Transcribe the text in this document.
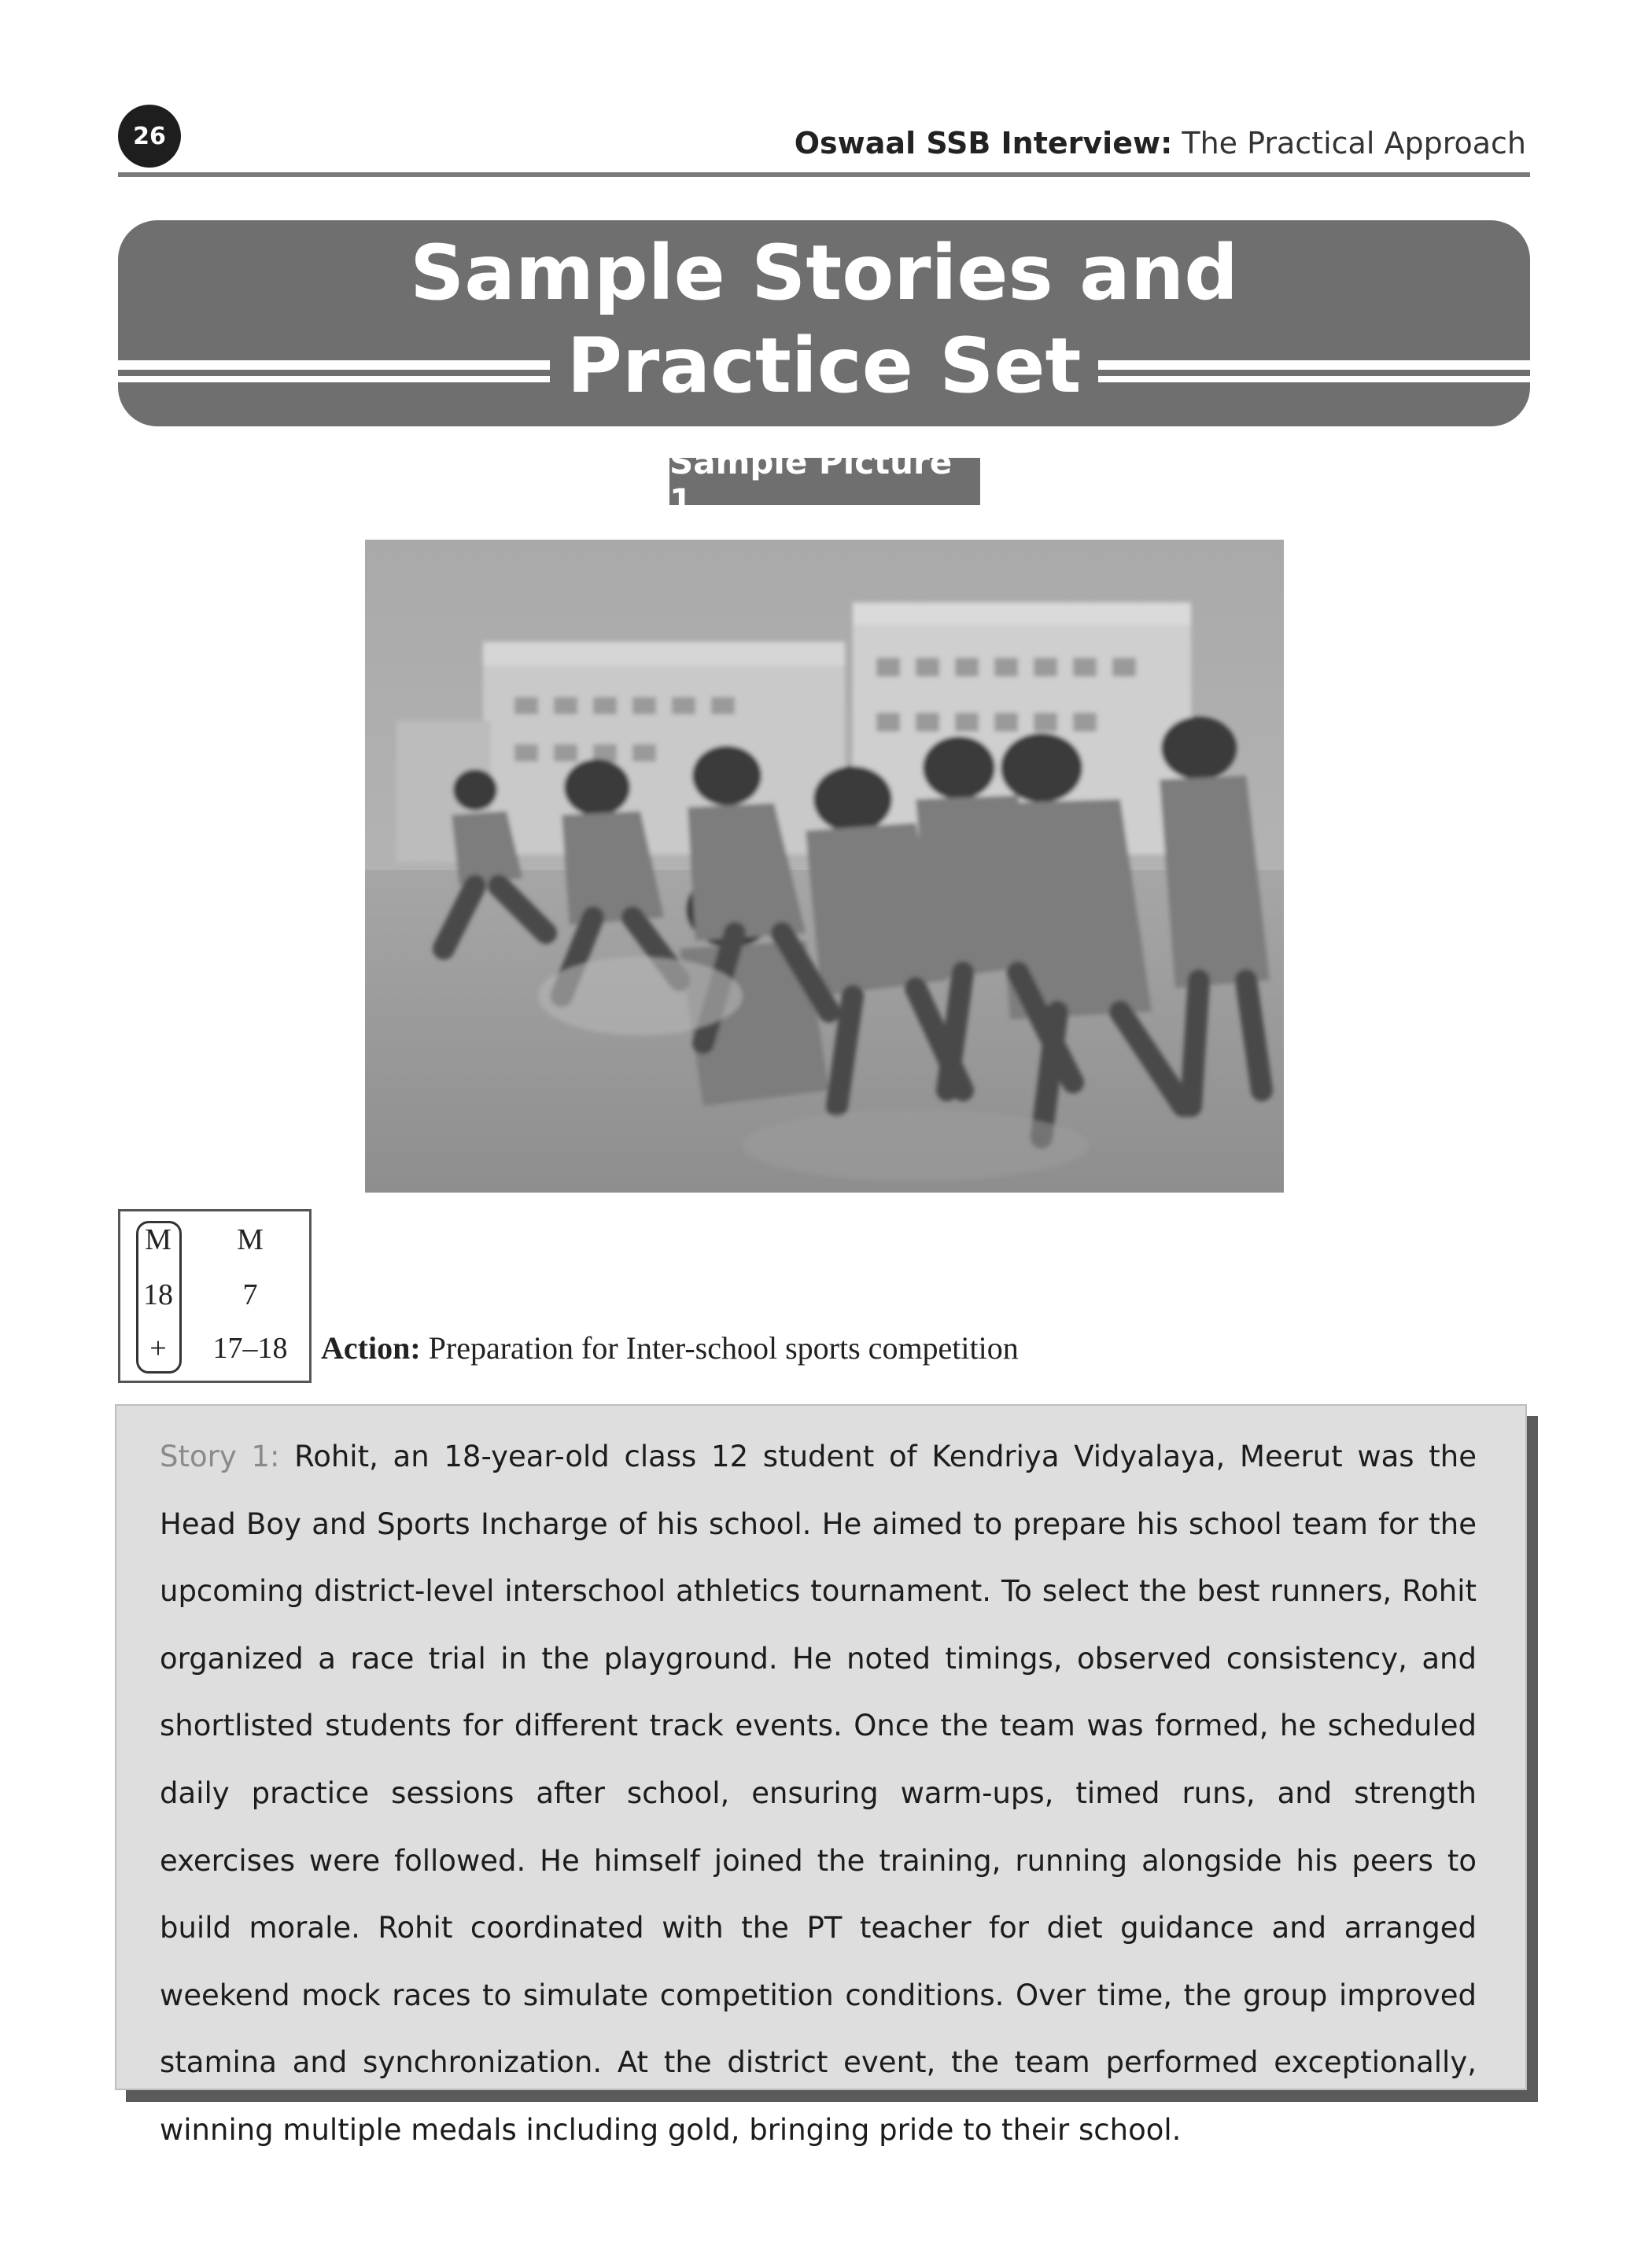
26	Oswaal SSB Interview: The Practical Approach
Sample Stories and
Practice Set
Sample Picture 1
M
18
+
M
7
17–18	Action: Preparation for Inter-school sports competition
Story 1: Rohit, an 18-year-old class 12 student of Kendriya Vidyalaya, Meerut was the Head Boy and Sports Incharge of his school. He aimed to prepare his school team for the upcoming district-level interschool athletics tournament. To select the best runners, Rohit organized a race trial in the playground. He noted timings, observed consistency, and shortlisted students for different track events. Once the team was formed, he scheduled daily practice sessions after school, ensuring warm-ups, timed runs, and strength exercises were followed. He himself joined the training, running alongside his peers to build morale. Rohit coordinated with the PT teacher for diet guidance and arranged weekend mock races to simulate competition conditions. Over time, the group improved stamina and synchronization. At the district event, the team performed exceptionally, winning multiple medals including gold, bringing pride to their school.
